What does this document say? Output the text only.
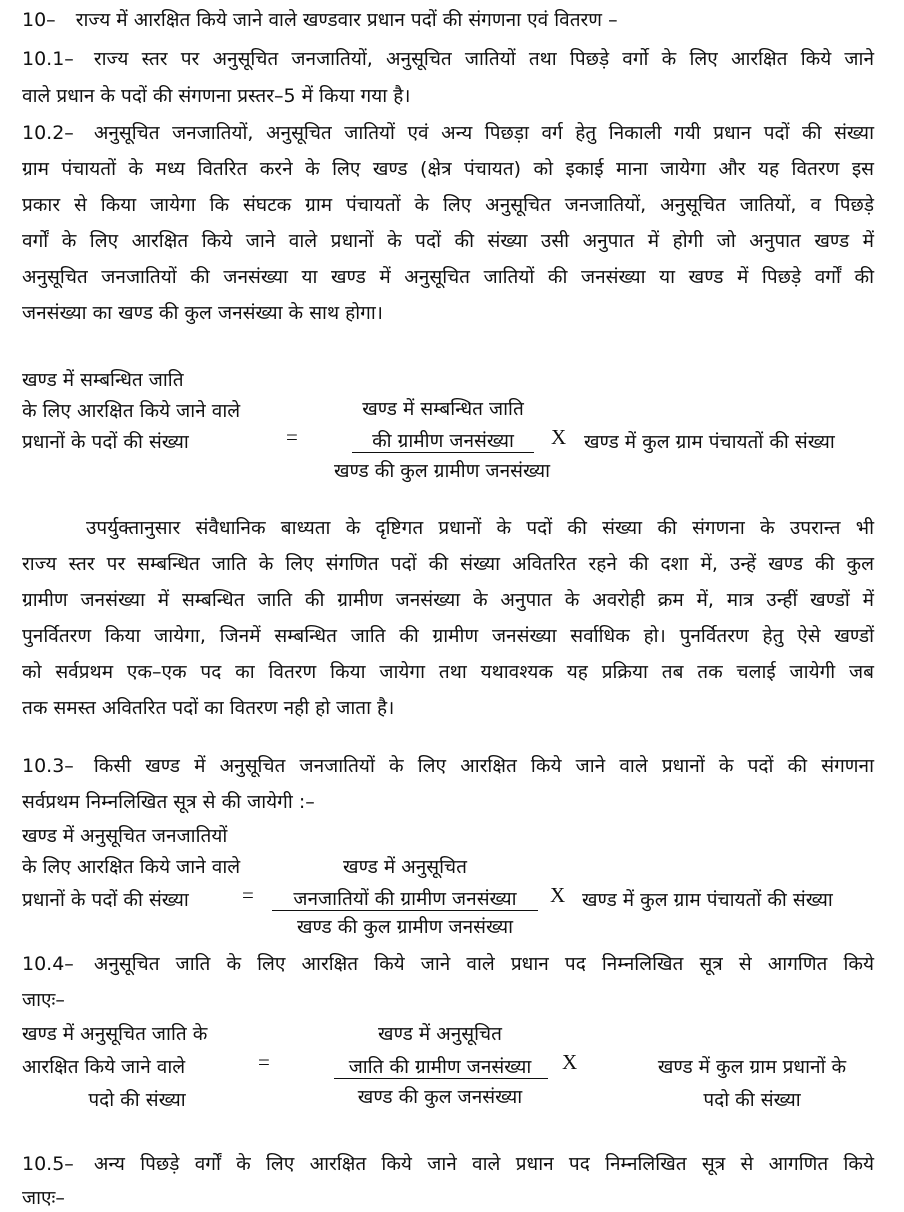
10– राज्य में आरक्षित किये जाने वाले खण्डवार प्रधान पदों की संगणना एवं वितरण –
10.1– राज्य स्तर पर अनुसूचित जनजातियों, अनुसूचित जातियों तथा पिछड़े वर्गो के लिए आरक्षित किये जाने
वाले प्रधान के पदों की संगणना प्रस्तर–5 में किया गया है।
10.2– अनुसूचित जनजातियों, अनुसूचित जातियों एवं अन्य पिछड़ा वर्ग हेतु निकाली गयी प्रधान पदों की संख्या
ग्राम पंचायतों के मध्य वितरित करने के लिए खण्ड (क्षेत्र पंचायत) को इकाई माना जायेगा और यह वितरण इस
प्रकार से किया जायेगा कि संघटक ग्राम पंचायतों के लिए अनुसूचित जनजातियों, अनुसूचित जातियों, व पिछड़े
वर्गों के लिए आरक्षित किये जाने वाले प्रधानों के पदों की संख्या उसी अनुपात में होगी जो अनुपात खण्ड में
अनुसूचित जनजातियों की जनसंख्या या खण्ड में अनुसूचित जातियों की जनसंख्या या खण्ड में पिछड़े वर्गों की
जनसंख्या का खण्ड की कुल जनसंख्या के साथ होगा।
खण्ड में सम्बन्धित जाति
के लिए आरक्षित किये जाने वाले
प्रधानों के पदों की संख्या	=
खण्ड में सम्बन्धित जाति
की ग्रामीण जनसंख्या
खण्ड की कुल ग्रामीण जनसंख्या
X खण्ड में कुल ग्राम पंचायतों की संख्या
उपर्युक्तानुसार संवैधानिक बाध्यता के दृष्टिगत प्रधानों के पदों की संख्या की संगणना के उपरान्त भी
राज्य स्तर पर सम्बन्धित जाति के लिए संगणित पदों की संख्या अवितरित रहने की दशा में, उन्हें खण्ड की कुल
ग्रामीण जनसंख्या में सम्बन्धित जाति की ग्रामीण जनसंख्या के अनुपात के अवरोही क्रम में, मात्र उन्हीं खण्डों में
पुनर्वितरण किया जायेगा, जिनमें सम्बन्धित जाति की ग्रामीण जनसंख्या सर्वाधिक हो। पुनर्वितरण हेतु ऐसे खण्डों
को सर्वप्रथम एक–एक पद का वितरण किया जायेगा तथा यथावश्यक यह प्रक्रिया तब तक चलाई जायेगी जब
तक समस्त अवितरित पदों का वितरण नही हो जाता है।
10.3– किसी खण्ड में अनुसूचित जनजातियों के लिए आरक्षित किये जाने वाले प्रधानों के पदों की संगणना
सर्वप्रथम निम्नलिखित सूत्र से की जायेगी :–
खण्ड में अनुसूचित जनजातियों
के लिए आरक्षित किये जाने वाले
प्रधानों के पदों की संख्या	=
खण्ड में अनुसूचित
जनजातियों की ग्रामीण जनसंख्या
खण्ड की कुल ग्रामीण जनसंख्या
X खण्ड में कुल ग्राम पंचायतों की संख्या
10.4– अनुसूचित जाति के लिए आरक्षित किये जाने वाले प्रधान पद निम्नलिखित सूत्र से आगणित किये
जाएः–
खण्ड में अनुसूचित जाति के
आरक्षित किये जाने वाले
पदो की संख्या
=
खण्ड में अनुसूचित
जाति की ग्रामीण जनसंख्या
खण्ड की कुल जनसंख्या
X	खण्ड में कुल ग्राम प्रधानों के
पदो की संख्या
10.5– अन्य पिछड़े वर्गों के लिए आरक्षित किये जाने वाले प्रधान पद निम्नलिखित सूत्र से आगणित किये
जाएः–
